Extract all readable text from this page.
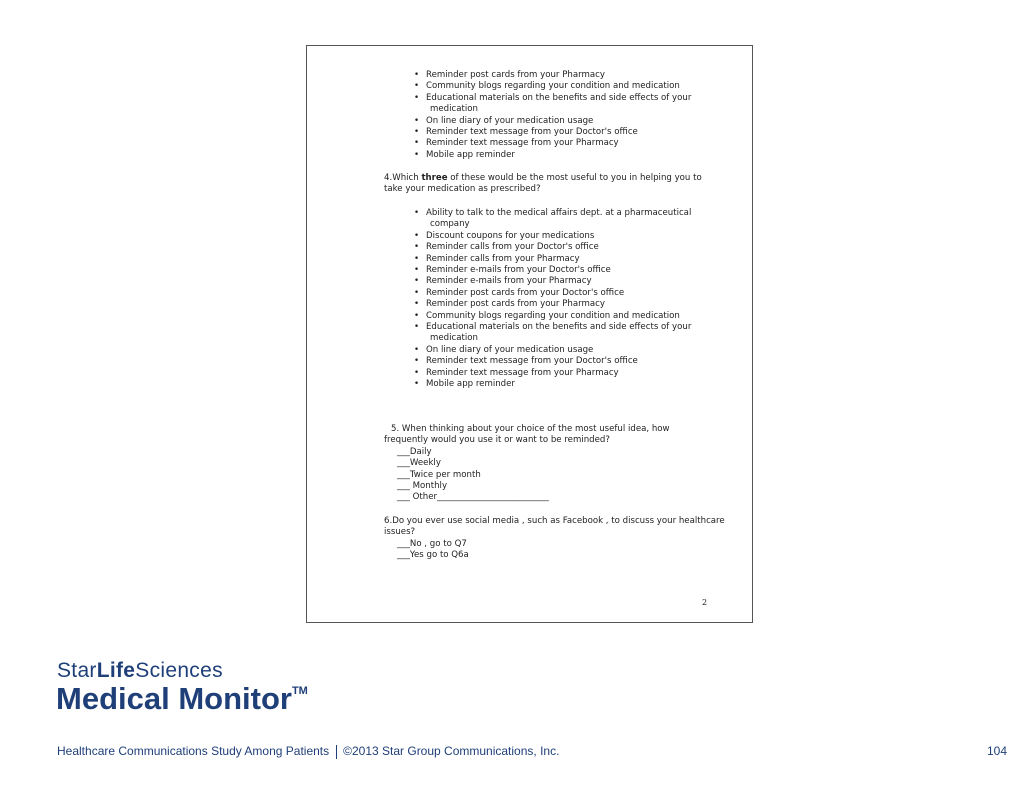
• Reminder post cards from your Pharmacy
• Community blogs regarding your condition and medication
• Educational materials on the benefits and side effects of your
medication
• On line diary of your medication usage
• Reminder text message from your Doctor's office
• Reminder text message from your Pharmacy
• Mobile app reminder
4.Which three of these would be the most useful to you in helping you to
take your medication as prescribed?
• Ability to talk to the medical affairs dept. at a pharmaceutical
company
• Discount coupons for your medications
• Reminder calls from your Doctor's office
• Reminder calls from your Pharmacy
• Reminder e-mails from your Doctor's office
• Reminder e-mails from your Pharmacy
• Reminder post cards from your Doctor's office
• Reminder post cards from your Pharmacy
• Community blogs regarding your condition and medication
• Educational materials on the benefits and side effects of your
medication
• On line diary of your medication usage
• Reminder text message from your Doctor's office
• Reminder text message from your Pharmacy
• Mobile app reminder
5. When thinking about your choice of the most useful idea, how
frequently would you use it or want to be reminded?
___Daily
___Weekly
___Twice per month
___ Monthly
___ Other__________________________
6.Do you ever use social media , such as Facebook , to discuss your healthcare
issues?
___No , go to Q7
___Yes go to Q6a
2
StarLifeSciences
Medical Monitor™
Healthcare Communications Study Among Patients ©2013 Star Group Communications, Inc.	104
